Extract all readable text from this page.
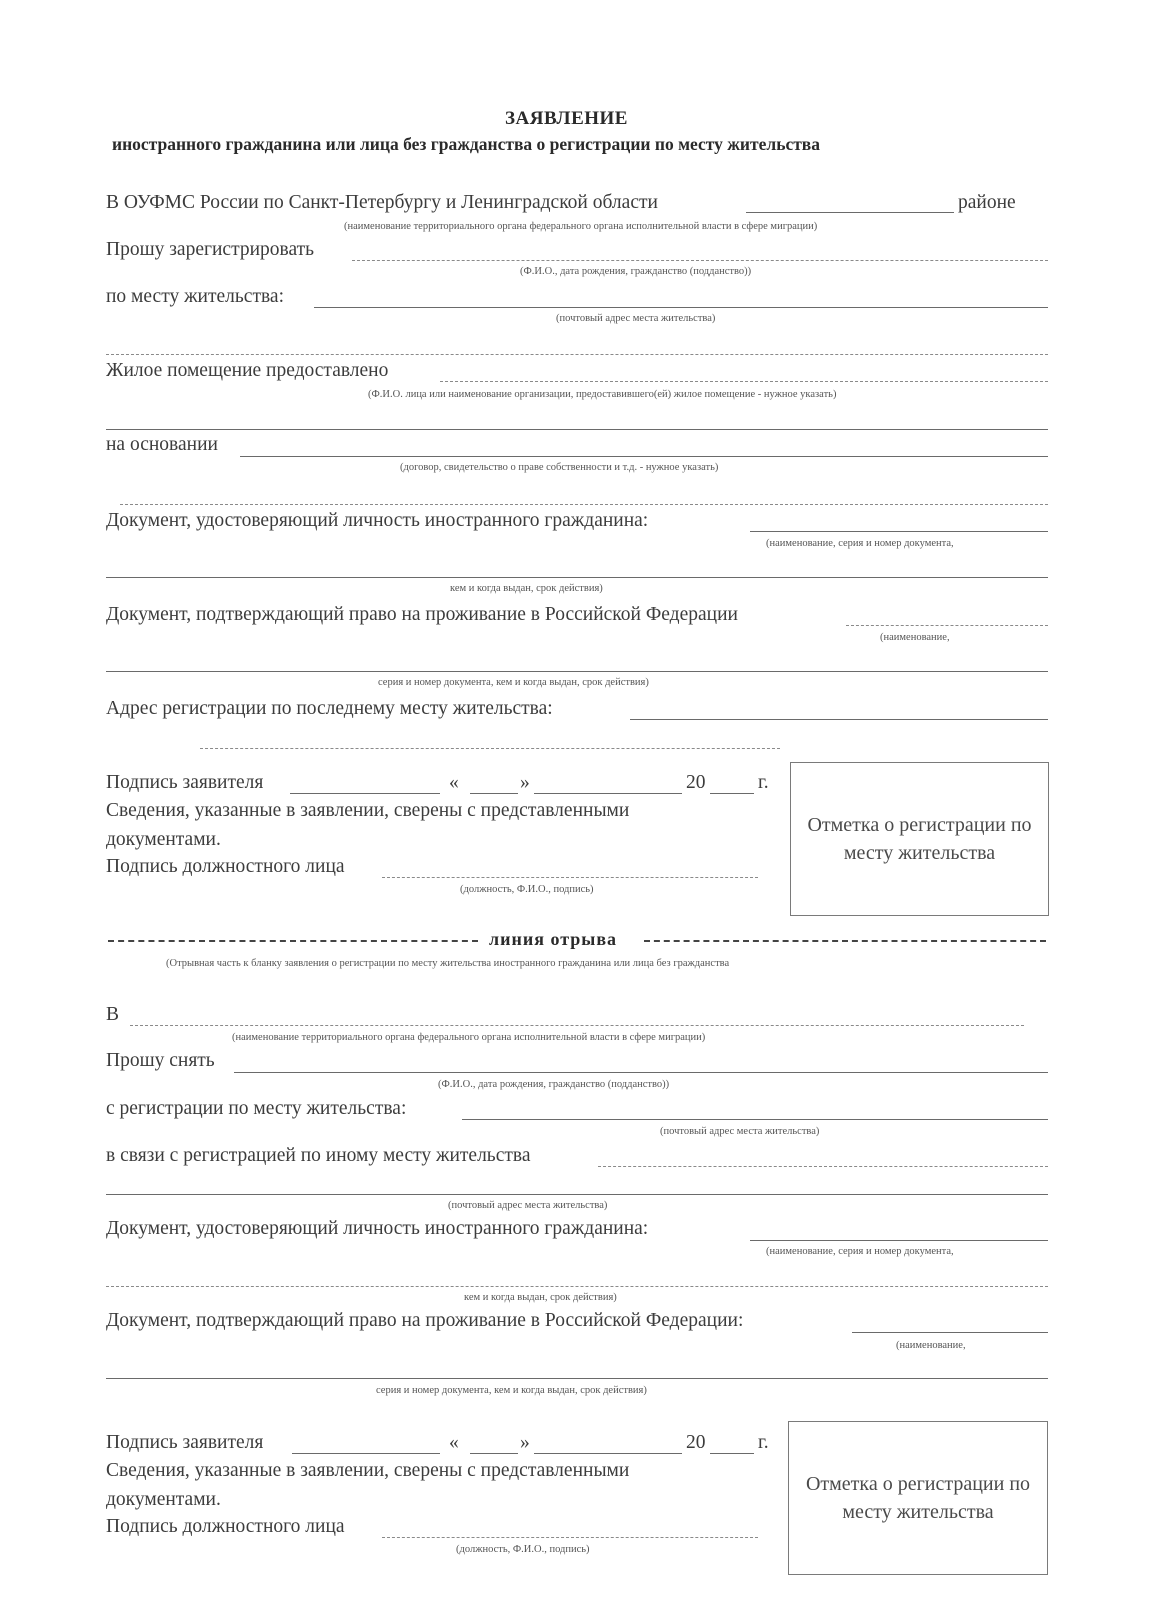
ЗАЯВЛЕНИЕ
иностранного гражданина или лица без гражданства о регистрации по месту жительства
В ОУФМС России по Санкт-Петербургу и Ленинградской области	районе
(наименование территориального органа федерального органа исполнительной власти в сфере миграции)
Прошу зарегистрировать
(Ф.И.О., дата рождения, гражданство (подданство))
по месту жительства:
(почтовый адрес места жительства)
Жилое помещение предоставлено
(Ф.И.О. лица или наименование организации, предоставившего(ей) жилое помещение - нужное указать)
на основании
(договор, свидетельство о праве собственности и т.д. - нужное указать)
Документ, удостоверяющий личность иностранного гражданина:
(наименование, серия и номер документа,
кем и когда выдан, срок действия)
Документ, подтверждающий право на проживание в Российской Федерации
(наименование,
серия и номер документа, кем и когда выдан, срок действия)
Адрес регистрации по последнему месту жительства:
Подпись заявителя	«	»	20	г.
Сведения, указанные в заявлении, сверены с представленными
документами.
Подпись должностного лица
(должность, Ф.И.О., подпись)
Отметка о регистрации по месту жительства
линия отрыва
(Отрывная часть к бланку заявления о регистрации по месту жительства иностранного гражданина или лица без гражданства
В
(наименование территориального органа федерального органа исполнительной власти в сфере миграции)
Прошу снять
(Ф.И.О., дата рождения, гражданство (подданство))
с регистрации по месту жительства:
(почтовый адрес места жительства)
в связи с регистрацией по иному месту жительства
(почтовый адрес места жительства)
Документ, удостоверяющий личность иностранного гражданина:
(наименование, серия и номер документа,
кем и когда выдан, срок действия)
Документ, подтверждающий право на проживание в Российской Федерации:
(наименование,
серия и номер документа, кем и когда выдан, срок действия)
Подпись заявителя	«	»	20	г.
Сведения, указанные в заявлении, сверены с представленными
документами.
Подпись должностного лица
(должность, Ф.И.О., подпись)
Отметка о регистрации по месту жительства
